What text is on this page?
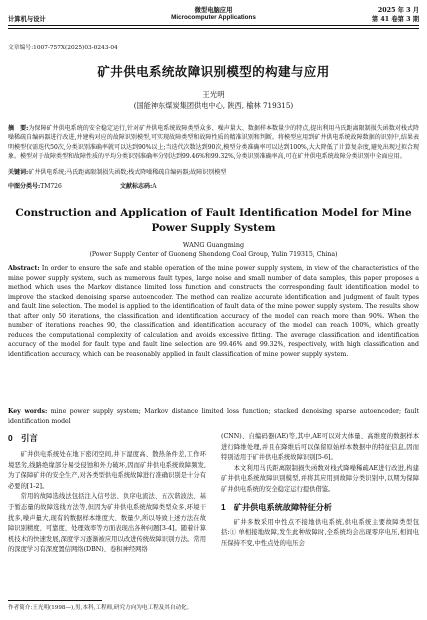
计算机与设计
微型电脑应用
Microcomputer Applications
2025 年 3 月
第 41 卷第 3 期
文章编号:1007-757X(2025)03-0243-04
矿井供电系统故障识别模型的构建与应用
王光明
(国能神东煤炭集团供电中心, 陕西, 榆林 719315)
摘　要:为保障矿井供电系统的安全稳定运行,针对矿井供电系统故障类型众多、噪声量大、数据样本数量少的特点,提出利用马氏距离限制损失函数对栈式降噪稀疏自编码器进行改进,并建构对应的故障识别模型,可实现故障类型和故障性质的精准识别和判断。将模型应用到矿井供电系统故障数据的识别中,结果表明模型仅需迭代50次,分类识别准确率就可以达到90%以上;当迭代次数达到90次,模型分类准确率可以达到100%,大大降低了计算复杂度,避免出现过拟合现象。模型对于故障类型和故障性质的平均分类识别准确率分别达到99.46%和99.32%,分类识别准确率高,可在矿井供电系统故障分类识别中全面应用。
关键词:矿井供电系统;马氏距离限制损失函数;栈式降噪稀疏自编码器;故障识别模型
中图分类号:TM726	文献标志码:A
Construction and Application of Fault Identification Model for Mine Power Supply System
WANG Guangming
(Power Supply Center of Guoneng Shendong Coal Group, Yulin 719315, China)
Abstract: In order to ensure the safe and stable operation of the mine power supply system, in view of the characteristics of the mine power supply system, such as numerous fault types, large noise and small number of data samples, this paper proposes a method which uses the Markov distance limited loss function and constructs the corresponding fault identification model to improve the stacked denoising sparse autoencoder. The method can realize accurate identification and judgment of fault types and fault line selection. The model is applied to the identification of fault data of the mine power supply system. The results show that after only 50 iterations, the classification and identification accuracy of the model can reach more than 90%. When the number of iterations reaches 90, the classification and identification accuracy of the model can reach 100%, which greatly reduces the computational complexity of calculation and avoids excessive fitting. The average classification and identification accuracy of the model for fault type and fault line selection are 99.46% and 99.32%, respectively, with high classification and identification accuracy, which can be reasonably applied in fault classification of mine power supply system.
Key words: mine power supply system; Markov distance limited loss function; stacked denoising sparse autoencoder; fault identification model
0　引言

矿井供电系统处在地下密闭空间,井下湿度高、散热条件差,工作环境恶劣,线路绝缘部分易受侵蚀和外力破坏,因而矿井供电系统故障频发,为了保障矿井的安全生产,对各类型供电系统故障进行准确识别是十分有必要的[1-2]。

常用的故障选线法包括注入信号法、负序电流法、五次谐波法、基于暂态量的故障选线方法等,但因为矿井供电系统故障类型众多,环境干扰多,噪声量大,现有的数据样本维度大、数量少,所以导致上述方法在故障识别精度、可靠度、处理效率等方面表现出各种问题[3-4]。随着计算机技术的快速发展,深度学习逐渐被应用以改进传统故障识别方法。常用的深度学习有深度置信网络(DBN)、卷积神经网络

(CNN)、自编码器(AE)等,其中,AE可以对大体量、高维度的数据样本进行降维处理,并且在降维后可以保留原始样本数据中的特征信息,因而特别适用于矿井供电系统故障识别[5-6]。

本文利用马氏距离限制损失函数对栈式降噪稀疏AE进行改进,构建矿井供电系统故障识别模型,并将其应用到故障分类识别中,以期为保障矿井供电系统的安全稳定运行提供借鉴。

1　矿井供电系统故障特征分析

矿井多数采用中性点不接地供电系统,供电系统主要故障类型包括:① 单相接地故障,发生此种故障时,全系统均会出现零序电压,相间电压保持不变,中性点处的电压会

作者简介:王光明(1998—),男,本科,工程师,研究方向为电工程及其自动化。
